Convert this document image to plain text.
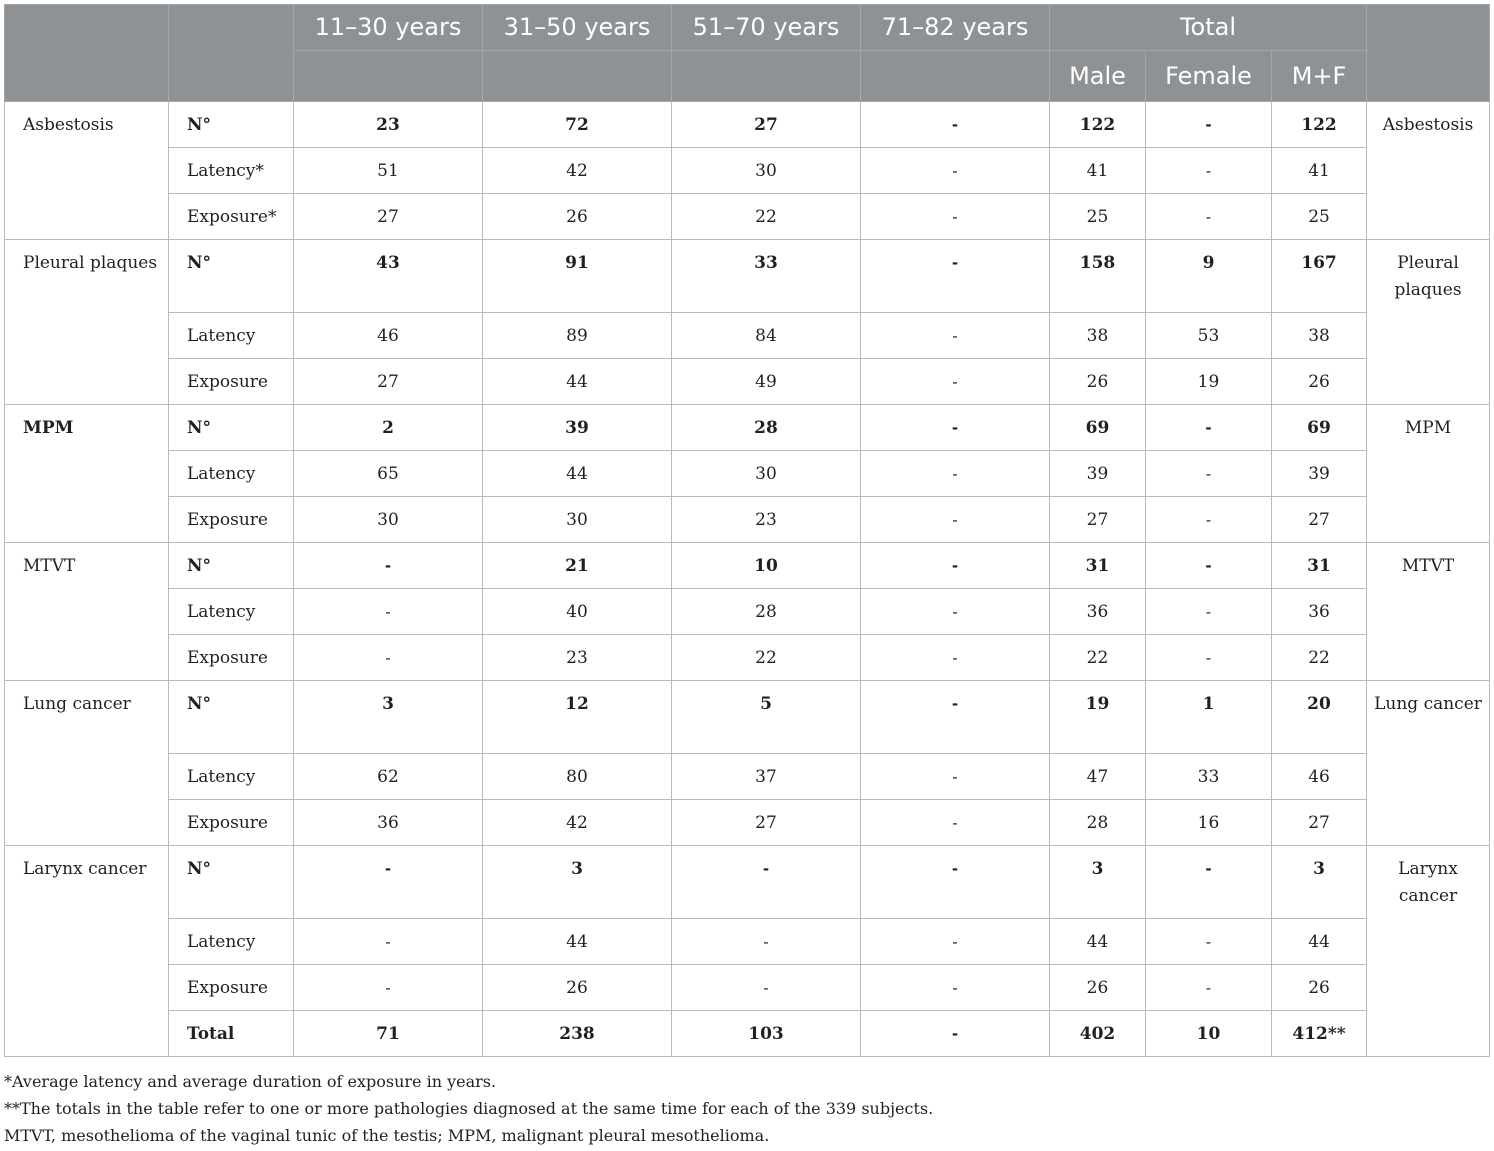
		11–30 years	31–50 years	51–70 years	71–82 years	Total			
						Male	Female	M+F	
Asbestosis	N°	23	72	27	-	122	-	122	Asbestosis
	Latency*	51	42	30	-	41	-	41	
	Exposure*	27	26	22	-	25	-	25	
Pleural plaques	N°	43	91	33	-	158	9	167	Pleural plaques
	Latency	46	89	84	-	38	53	38	
	Exposure	27	44	49	-	26	19	26	
MPM	N°	2	39	28	-	69	-	69	MPM
	Latency	65	44	30	-	39	-	39	
	Exposure	30	30	23	-	27	-	27	
MTVT	N°	-	21	10	-	31	-	31	MTVT
	Latency	-	40	28	-	36	-	36	
	Exposure	-	23	22	-	22	-	22	
Lung cancer	N°	3	12	5	-	19	1	20	Lung cancer
	Latency	62	80	37	-	47	33	46	
	Exposure	36	42	27	-	28	16	27	
Larynx cancer	N°	-	3	-	-	3	-	3	Larynx cancer
	Latency	-	44	-	-	44	-	44	
	Exposure	-	26	-	-	26	-	26	
	Total	71	238	103	-	402	10	412**	
*Average latency and average duration of exposure in years.
**The totals in the table refer to one or more pathologies diagnosed at the same time for each of the 339 subjects.
MTVT, mesothelioma of the vaginal tunic of the testis; MPM, malignant pleural mesothelioma.
